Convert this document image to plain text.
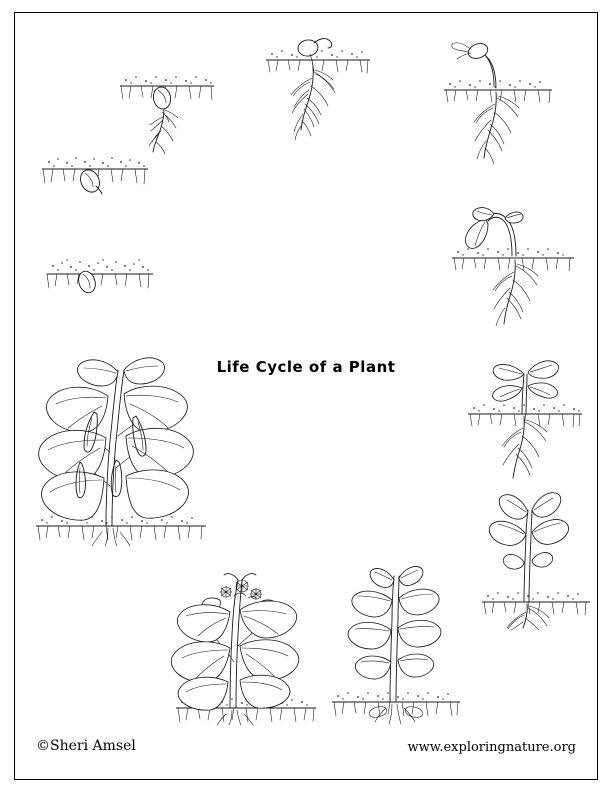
Life Cycle of a Plant
©Sheri Amsel	www.exploringnature.org
